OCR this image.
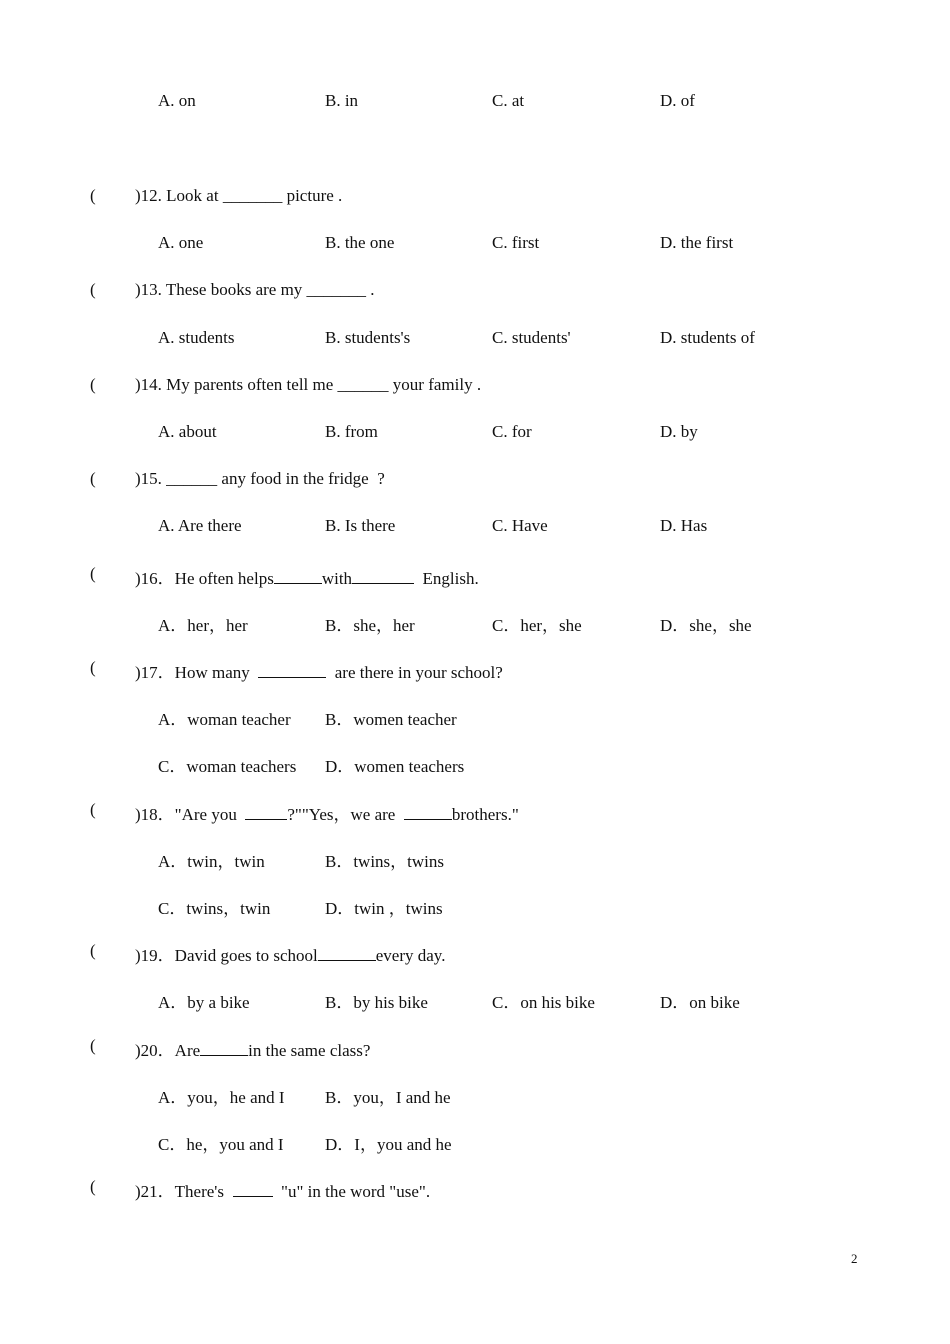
A. on	B. in	C. at	D. of
( )12. Look at _______ picture .
A. one	B. the one	C. first	D. the first
( )13. These books are my _______ .
A. students	B. students's	C. students'	D. students of
( )14. My parents often tell me ______ your family .
A. about	B. from	C. for	D. by
( )15. ______ any food in the fridge  ?
A. Are there	B. Is there	C. Have	D. Has
( )16．He often helps	with	English.
A．her，her	B．she，her	C．her，she	D．she，she
( )17．How many	are there in your school?
A．woman teacher B．women teacher
C．woman teachers D．women teachers
( )18．"Are you  ?""Yes，we are	brothers."
A．twin，twin	B．twins，twins
C．twins，twin	D．twin ，twins
( )19．David goes to school	every day.
A．by a bike	B．by his bike	C．on his bike	D．on bike
( )20．Are	in the same class?
A．you，he and I B．you，I and he
C．he，you and I D．I，you and he
( )21．There's    "u" in the word "use".
2
